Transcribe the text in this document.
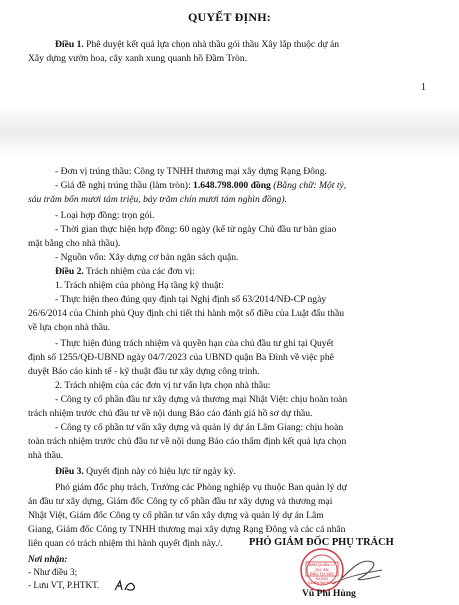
QUYẾT ĐỊNH:
Điều 1. Phê duyệt kết quả lựa chọn nhà thầu gói thầu Xây lắp thuộc dự án
Xây dựng vườn hoa, cây xanh xung quanh hồ Đầm Tròn.
1
- Đơn vị trúng thầu: Công ty TNHH thương mại xây dựng Rạng Đông.
- Giá đề nghị trúng thầu (làm tròn): 1.648.798.000 đồng (Bằng chữ: Một tỷ,
sáu trăm bốn mươi tám triệu, bảy trăm chín mươi tám nghìn đồng).
- Loại hợp đồng: trọn gói.
- Thời gian thực hiện hợp đồng: 60 ngày (kể từ ngày Chủ đầu tư bàn giao
mặt bằng cho nhà thầu).
- Nguồn vốn: Xây dựng cơ bản ngân sách quận.
Điều 2. Trách nhiệm của các đơn vị:
1. Trách nhiệm của phòng Hạ tầng kỹ thuật:
- Thực hiện theo đúng quy định tại Nghị định số 63/2014/NĐ-CP ngày
26/6/2014 của Chính phủ Quy định chi tiết thi hành một số điều của Luật đấu thầu
về lựa chọn nhà thầu.
- Thực hiện đúng trách nhiệm và quyền hạn của chủ đầu tư ghi tại Quyết
định số 1255/QĐ-UBND ngày 04/7/2023 của UBND quận Ba Đình về việc phê
duyệt Báo cáo kinh tế - kỹ thuật đầu tư xây dựng công trình.
2. Trách nhiệm của các đơn vị tư vấn lựa chọn nhà thầu:
- Công ty cổ phần đầu tư xây dựng và thương mại Nhật Việt: chịu hoàn toàn
trách nhiệm trước chủ đầu tư về nội dung Báo cáo đánh giá hồ sơ dự thầu.
- Công ty cổ phần tư vấn xây dựng và quản lý dự án Lâm Giang: chịu hoàn
toàn trách nhiệm trước chủ đầu tư về nội dung Báo cáo thẩm định kết quả lựa chọn
nhà thầu.
Điều 3. Quyết định này có hiệu lực từ ngày ký.
Phó giám đốc phụ trách, Trưởng các Phòng nghiệp vụ thuộc Ban quản lý dự
án đầu tư xây dựng, Giám đốc Công ty cổ phần đầu tư xây dựng và thương mại
Nhật Việt, Giám đốc Công ty cổ phần tư vấn xây dựng và quản lý dự án Lâm
Giang, Giám đốc Công ty TNHH thương mại xây dựng Rạng Đông và các cá nhân
liên quan có trách nhiệm thi hành quyết định này./.
Nơi nhận:
- Như điều 3;
- Lưu VT, P.HTKT.
PHÓ GIÁM ĐỐC PHỤ TRÁCH
BAN QUẢN LÝ DỰ ÁN
ĐẦU TƯ XÂY DỰNG
QUẬN BA ĐÌNH
Vũ Phi Hùng
